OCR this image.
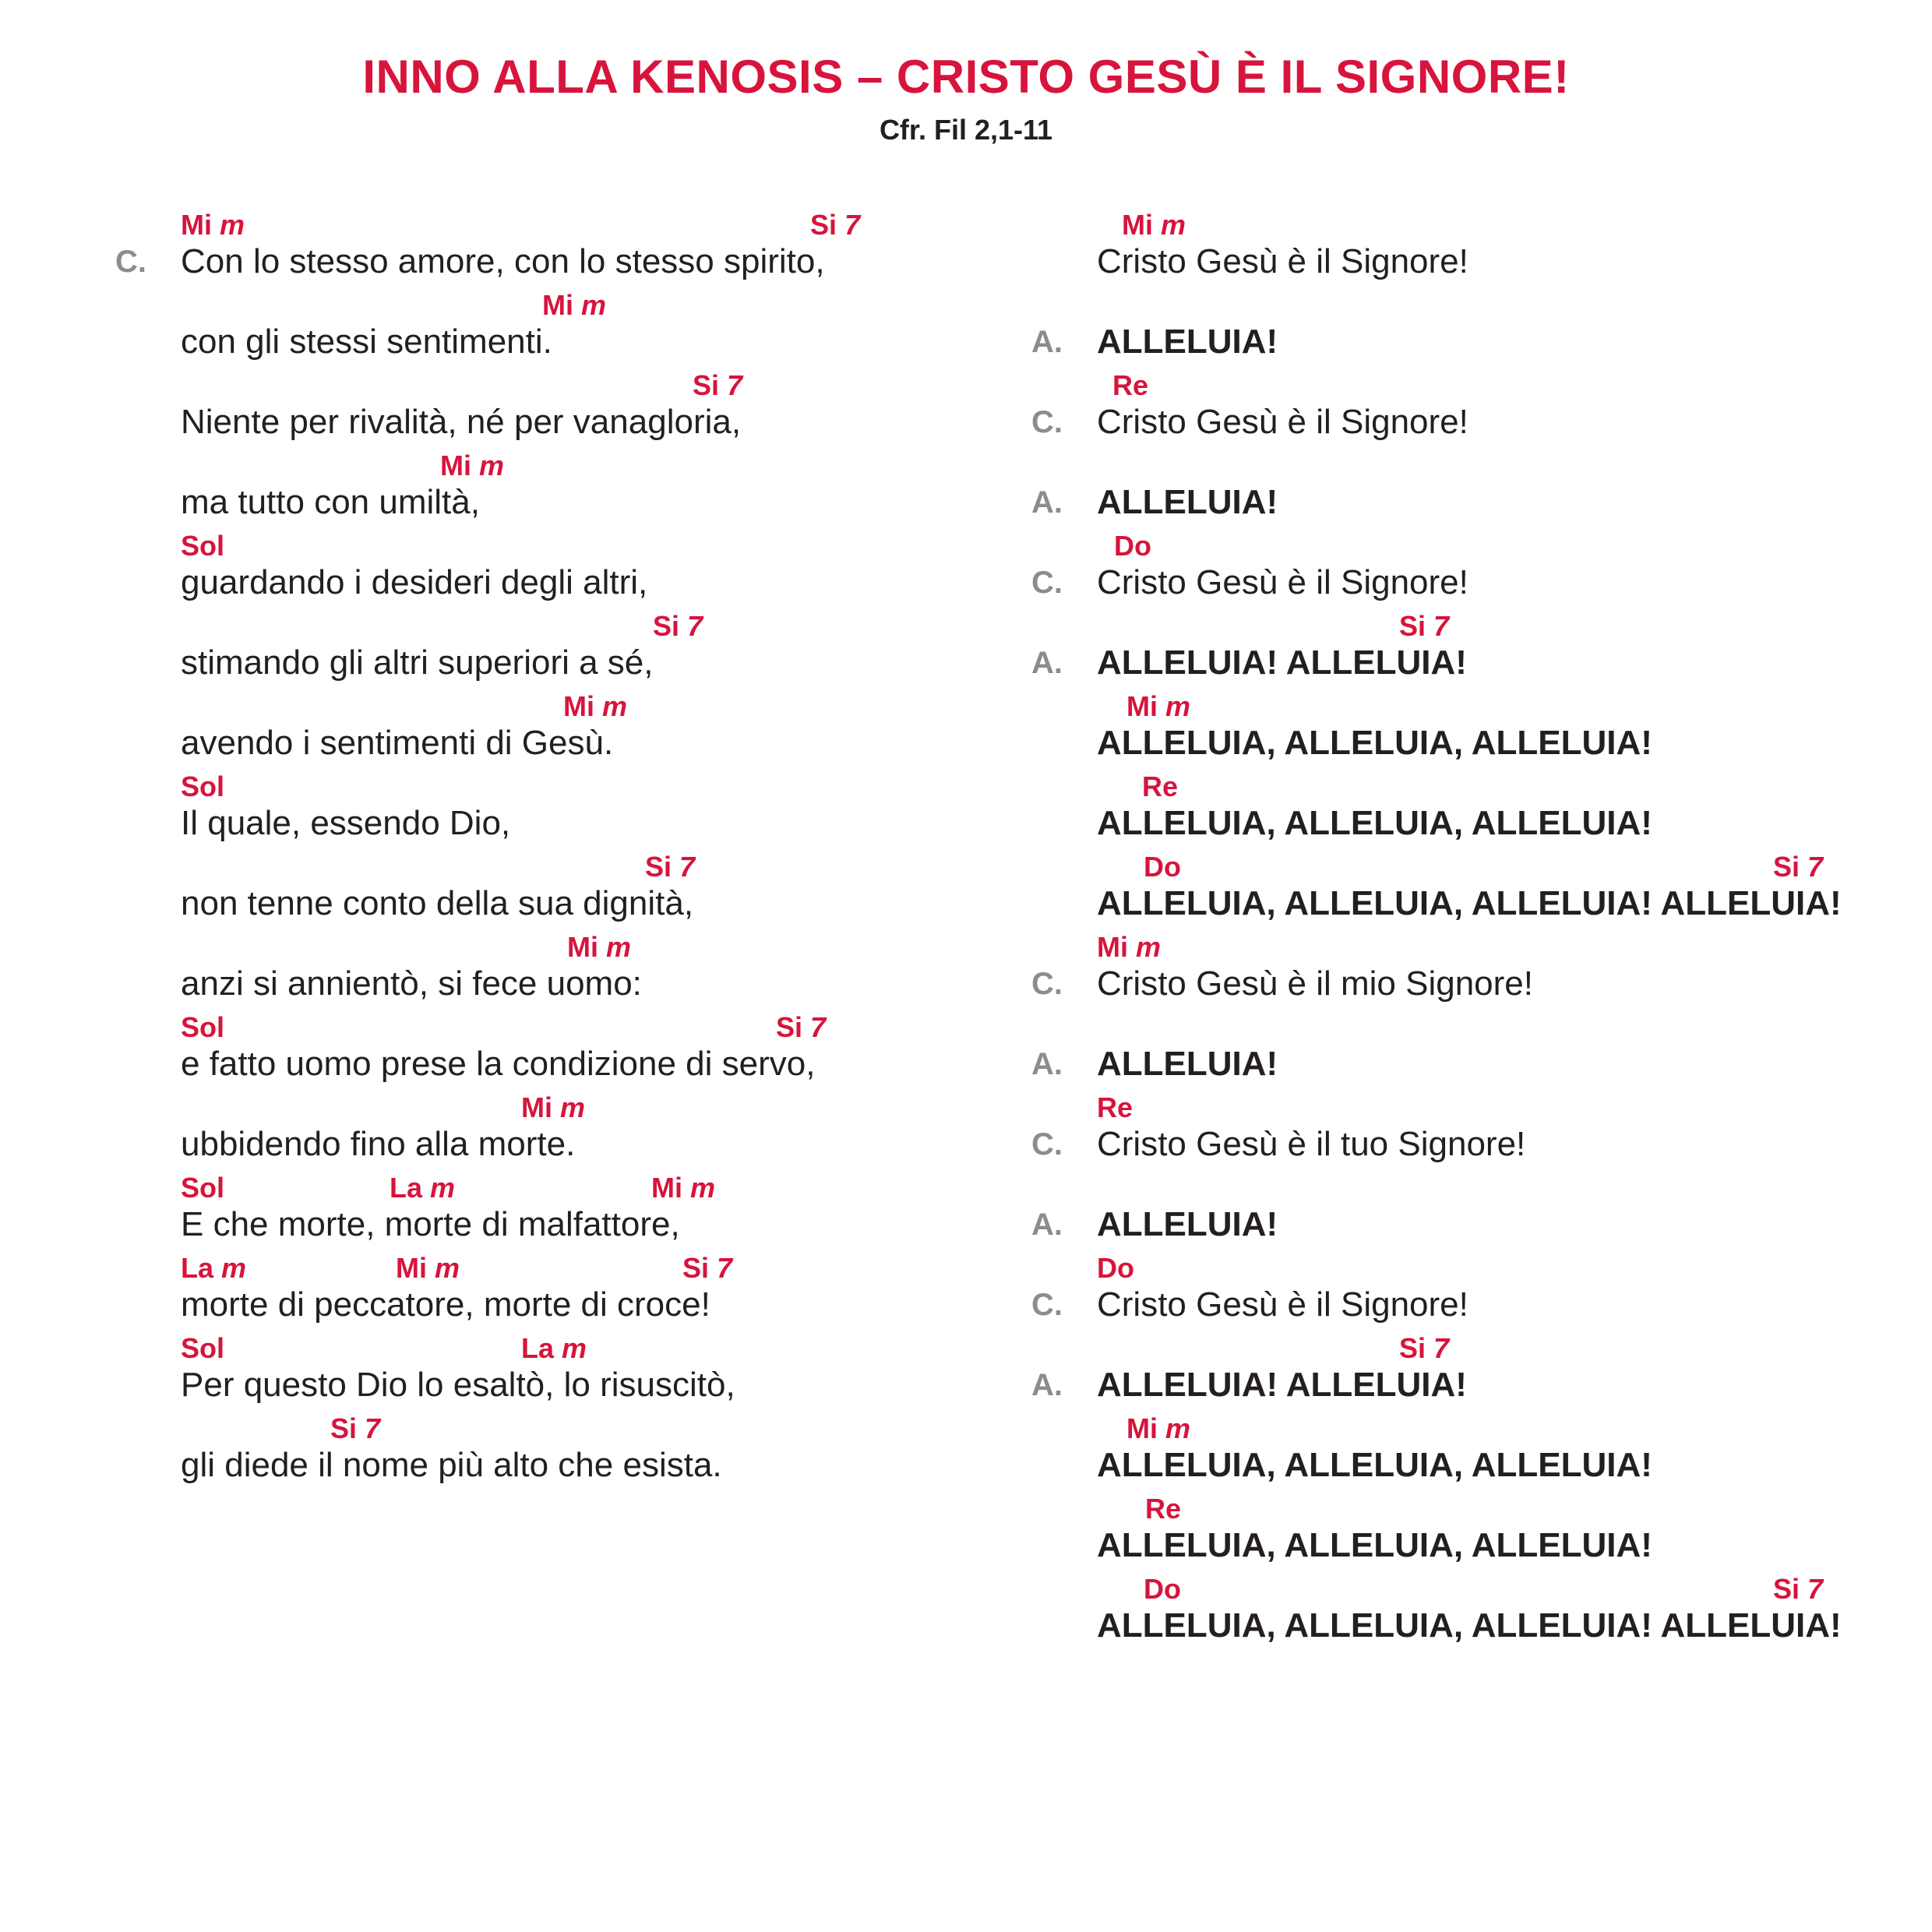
INNO ALLA KENOSIS – CRISTO GESÙ È IL SIGNORE!
Cfr. Fil 2,1-11
Mi m	Si 7
C. Con lo stesso amore, con lo stesso spirito,
Mi m
con gli stessi sentimenti.
Si 7
Niente per rivalità, né per vanagloria,
Mi m
ma tutto con umiltà,
Sol
guardando i desideri degli altri,
Si 7
stimando gli altri superiori a sé,
Mi m
avendo i sentimenti di Gesù.
Sol
Il quale, essendo Dio,
Si 7
non tenne conto della sua dignità,
Mi m
anzi si annientò, si fece uomo:
Sol	Si 7
e fatto uomo prese la condizione di servo,
Mi m
ubbidendo fino alla morte.
Sol	La m	Mi m
E che morte, morte di malfattore,
La m	Mi m	Si 7
morte di peccatore, morte di croce!
Sol	La m
Per questo Dio lo esaltò, lo risuscitò,
Si 7
gli diede il nome più alto che esista.
Mi m
Cristo Gesù è il Signore!
A. ALLELUIA!
Re
C. Cristo Gesù è il Signore!
A. ALLELUIA!
Do
C. Cristo Gesù è il Signore!
Si 7
A. ALLELUIA! ALLELUIA!
Mi m
ALLELUIA, ALLELUIA, ALLELUIA!
Re
ALLELUIA, ALLELUIA, ALLELUIA!
Do	Si 7
ALLELUIA, ALLELUIA, ALLELUIA! ALLELUIA!
Mi m
C. Cristo Gesù è il mio Signore!
A. ALLELUIA!
Re
C. Cristo Gesù è il tuo Signore!
A. ALLELUIA!
Do
C. Cristo Gesù è il Signore!
Si 7
A. ALLELUIA! ALLELUIA!
Mi m
ALLELUIA, ALLELUIA, ALLELUIA!
Re
ALLELUIA, ALLELUIA, ALLELUIA!
Do	Si 7
ALLELUIA, ALLELUIA, ALLELUIA! ALLELUIA!
